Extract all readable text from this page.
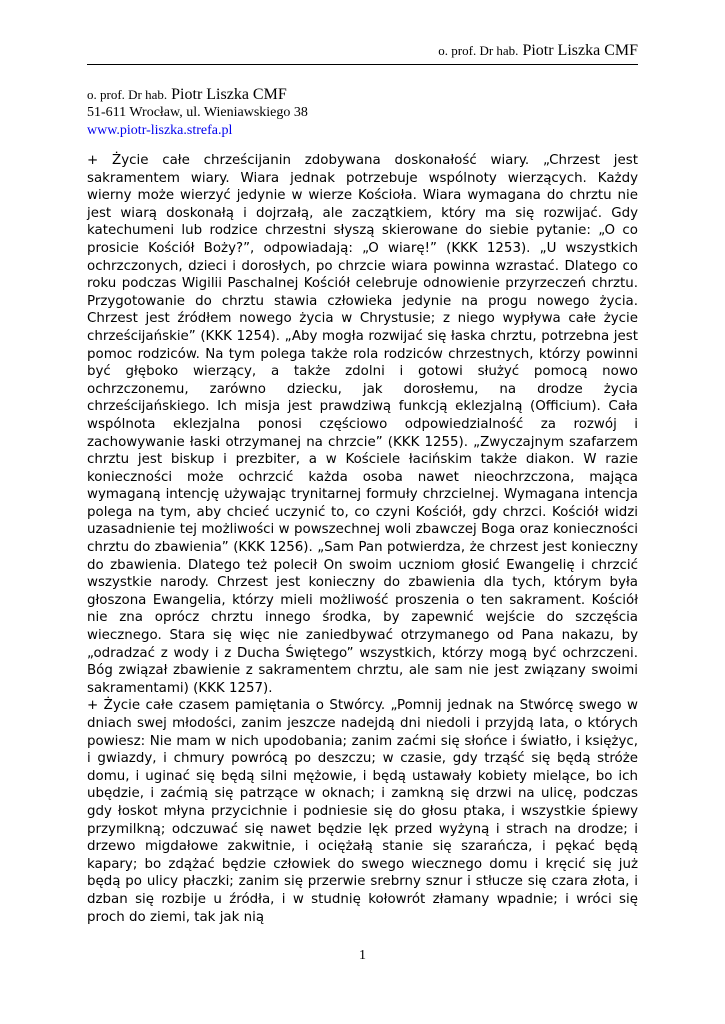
o. prof. Dr hab. Piotr Liszka CMF
o. prof. Dr hab. Piotr Liszka CMF
51-611 Wrocław, ul. Wieniawskiego 38
www.piotr-liszka.strefa.pl

+ Życie całe chrześcijanin zdobywana doskonałość wiary. „Chrzest jest sakramentem wiary. Wiara jednak potrzebuje wspólnoty wierzących. Każdy wierny może wierzyć jedynie w wierze Kościoła. Wiara wymagana do chrztu nie jest wiarą doskonałą i dojrzałą, ale zaczątkiem, który ma się rozwijać. Gdy katechumeni lub rodzice chrzestni słyszą skierowane do siebie pytanie: „O co prosicie Kościół Boży?”, odpowiadają: „O wiarę!” (KKK 1253). „U wszystkich ochrzczonych, dzieci i dorosłych, po chrzcie wiara powinna wzrastać. Dlatego co roku podczas Wigilii Paschalnej Kościół celebruje odnowienie przyrzeczeń chrztu. Przygotowanie do chrztu stawia człowieka jedynie na progu nowego życia. Chrzest jest źródłem nowego życia w Chrystusie; z niego wypływa całe życie chrześcijańskie” (KKK 1254). „Aby mogła rozwijać się łaska chrztu, potrzebna jest pomoc rodziców. Na tym polega także rola rodziców chrzestnych, którzy powinni być głęboko wierzący, a także zdolni i gotowi służyć pomocą nowo ochrzczonemu, zarówno dziecku, jak dorosłemu, na drodze życia chrześcijańskiego. Ich misja jest prawdziwą funkcją eklezjalną (Officium). Cała wspólnota eklezjalna ponosi częściowo odpowiedzialność za rozwój i zachowywanie łaski otrzymanej na chrzcie” (KKK 1255). „Zwyczajnym szafarzem chrztu jest biskup i prezbiter, a w Kościele łacińskim także diakon. W razie konieczności może ochrzcić każda osoba nawet nieochrzczona, mająca wymaganą intencję używając trynitarnej formuły chrzcielnej. Wymagana intencja polega na tym, aby chcieć uczynić to, co czyni Kościół, gdy chrzci. Kościół widzi uzasadnienie tej możliwości w powszechnej woli zbawczej Boga oraz konieczności chrztu do zbawienia” (KKK 1256). „Sam Pan potwierdza, że chrzest jest konieczny do zbawienia. Dlatego też polecił On swoim uczniom głosić Ewangelię i chrzcić wszystkie narody. Chrzest jest konieczny do zbawienia dla tych, którym była głoszona Ewangelia, którzy mieli możliwość proszenia o ten sakrament. Kościół nie zna oprócz chrztu innego środka, by zapewnić wejście do szczęścia wiecznego. Stara się więc nie zaniedbywać otrzymanego od Pana nakazu, by „odradzać z wody i z Ducha Świętego” wszystkich, którzy mogą być ochrzczeni. Bóg związał zbawienie z sakramentem chrztu, ale sam nie jest związany swoimi sakramentami) (KKK 1257).

+ Życie całe czasem pamiętania o Stwórcy. „Pomnij jednak na Stwórcę swego w dniach swej młodości, zanim jeszcze nadejdą dni niedoli i przyjdą lata, o których powiesz: Nie mam w nich upodobania; zanim zaćmi się słońce i światło, i księżyc, i gwiazdy, i chmury powrócą po deszczu; w czasie, gdy trząść się będą stróże domu, i uginać się będą silni mężowie, i będą ustawały kobiety mielące, bo ich ubędzie, i zaćmią się patrzące w oknach; i zamkną się drzwi na ulicę, podczas gdy łoskot młyna przycichnie i podniesie się do głosu ptaka, i wszystkie śpiewy przymilkną; odczuwać się nawet będzie lęk przed wyżyną i strach na drodze; i drzewo migdałowe zakwitnie, i ociężałą stanie się szarańcza, i pękać będą kapary; bo zdążać będzie człowiek do swego wiecznego domu i kręcić się już będą po ulicy płaczki; zanim się przerwie srebrny sznur i stłucze się czara złota, i dzban się rozbije u źródła, i w studnię kołowrót złamany wpadnie; i wróci się proch do ziemi, tak jak nią

1
